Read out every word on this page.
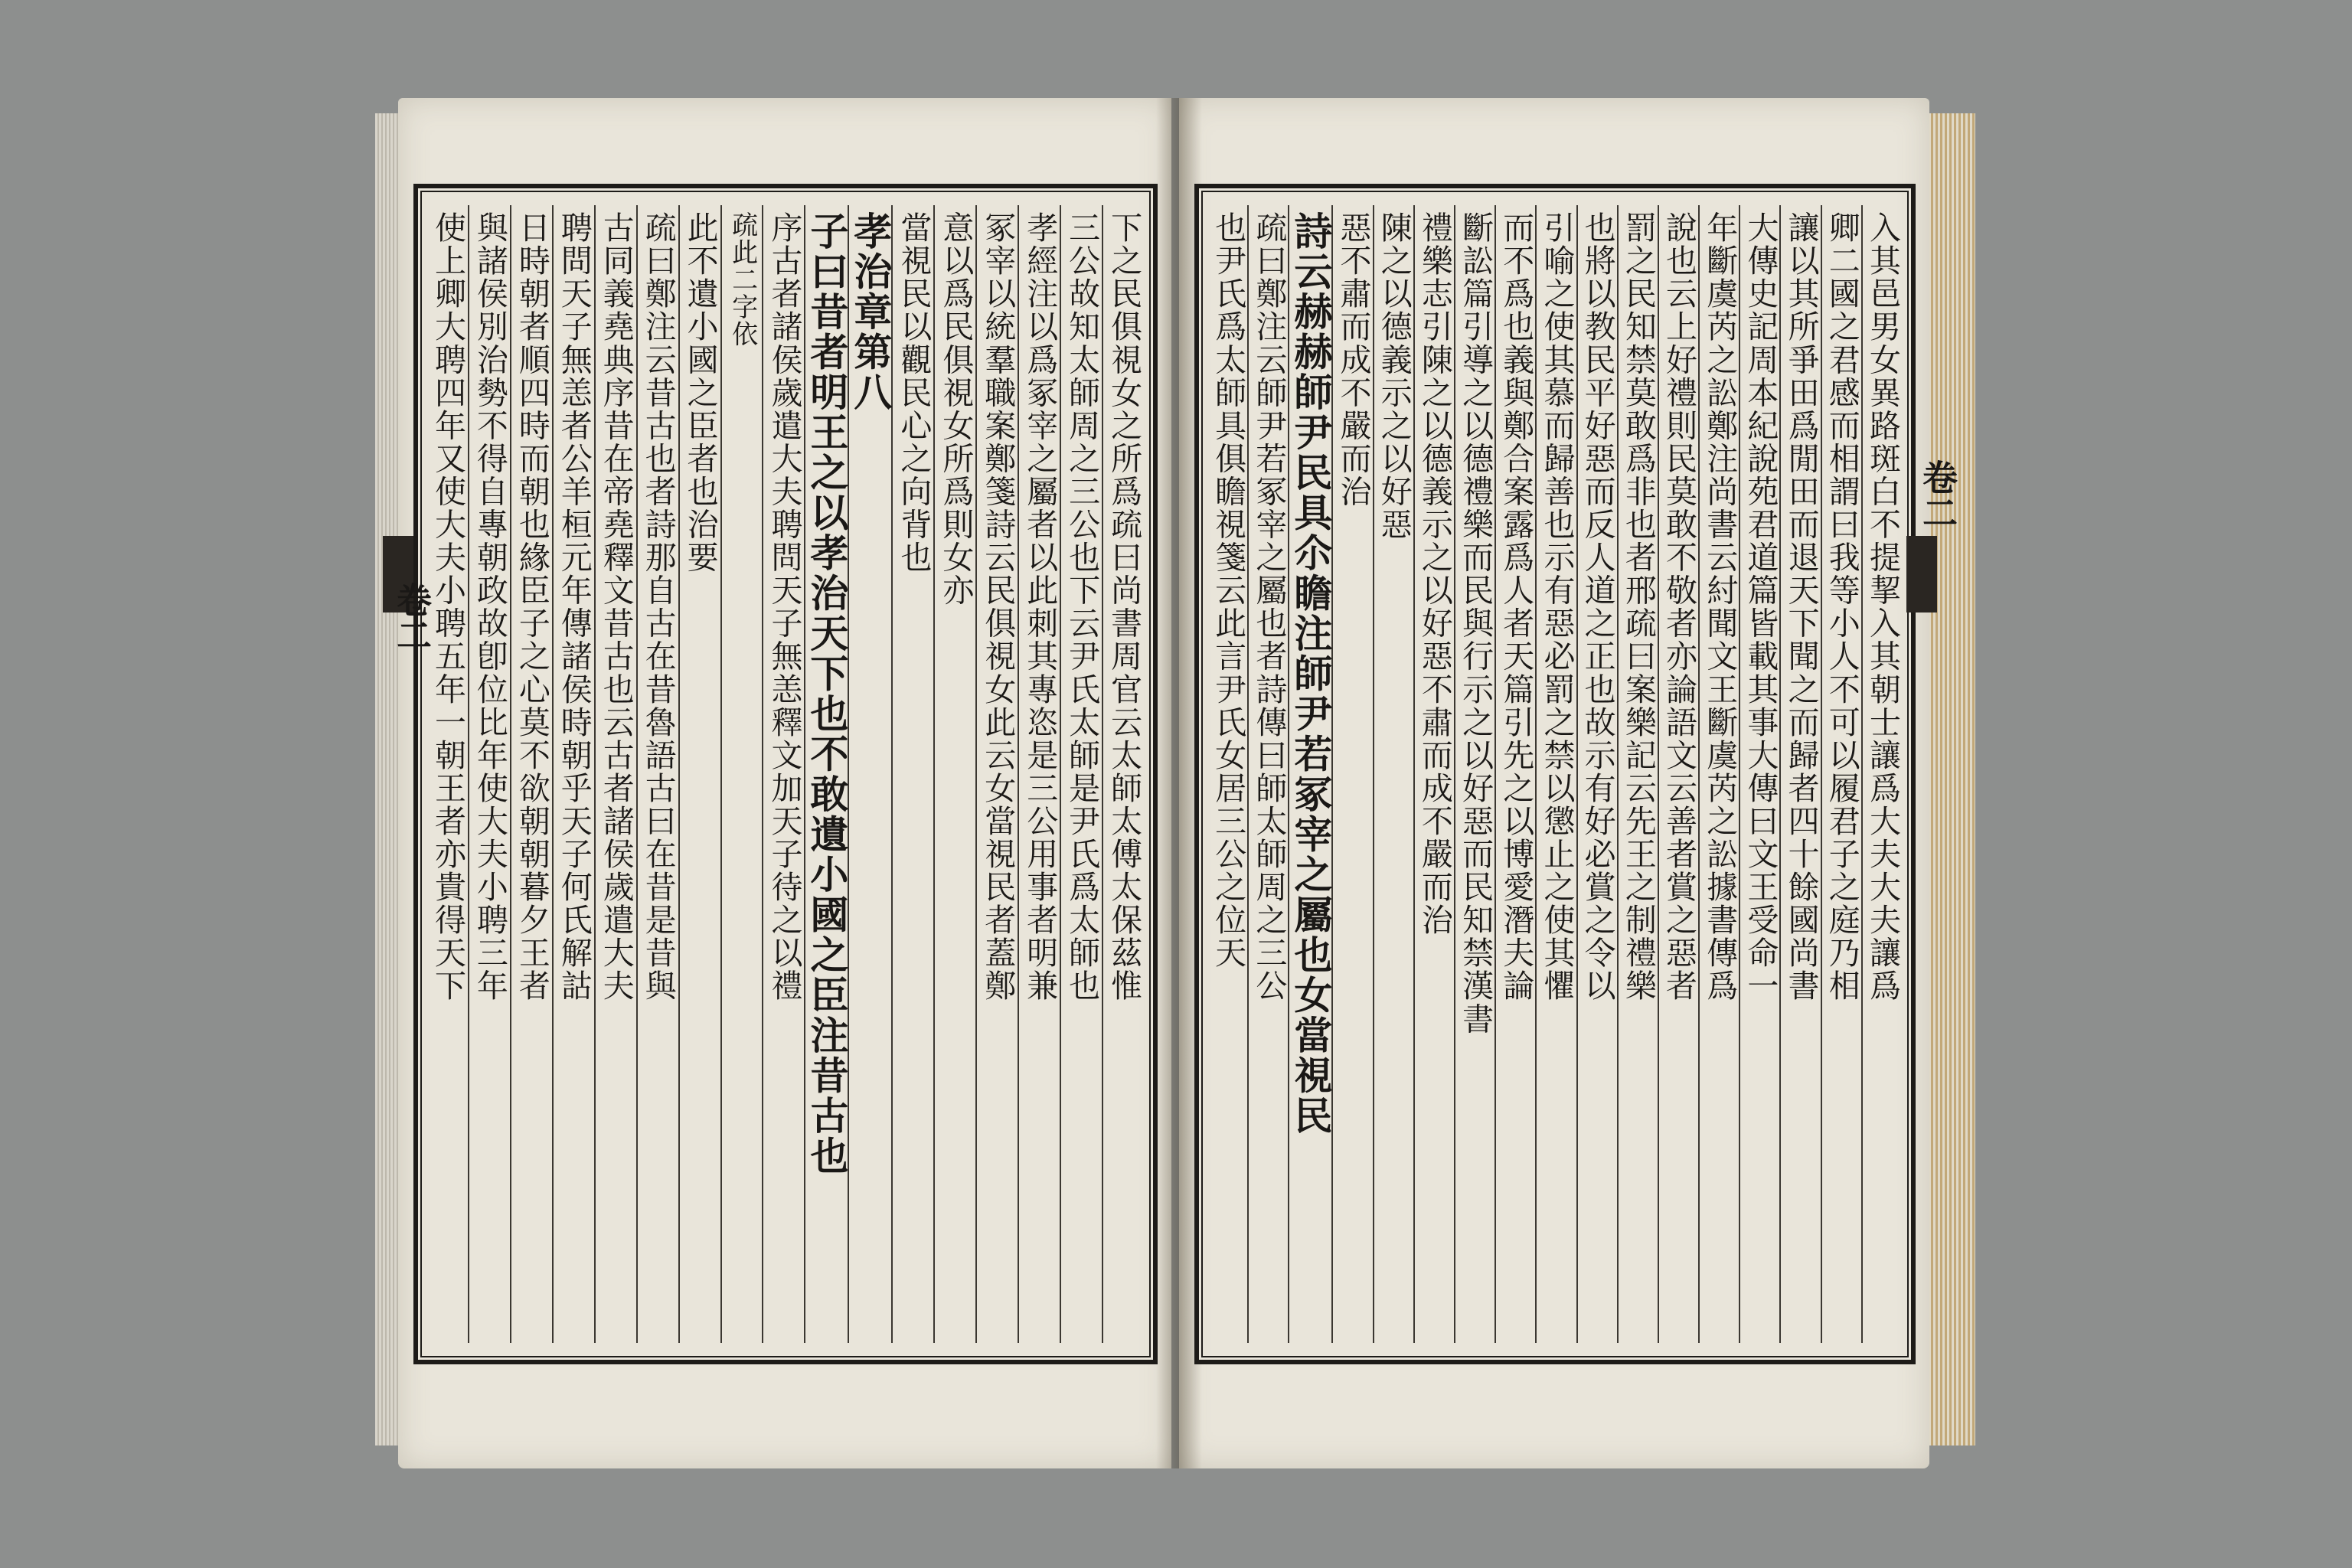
下之民俱視女之所爲疏曰尚書周官云太師太傅太保茲惟
三公故知太師周之三公也下云尹氏太師是尹氏爲太師也
孝經注以爲冢宰之屬者以此刺其專恣是三公用事者明兼
冢宰以統羣職案鄭箋詩云民俱視女此云女當視民者蓋鄭
意以爲民俱視女所爲則女亦
當視民以觀民心之向背也
孝治章第八
子曰昔者明王之以孝治天下也不敢遺小國之臣注昔古也
序古者諸侯歲遣大夫聘問天子無恙釋文加天子待之以禮
疏此二字依
此不遺小國之臣者也治要
疏曰鄭注云昔古也者詩那自古在昔魯語古曰在昔是昔與
古同義堯典序昔在帝堯釋文昔古也云古者諸侯歲遣大夫
聘問天子無恙者公羊桓元年傳諸侯時朝乎天子何氏解詁
日時朝者順四時而朝也緣臣子之心莫不欲朝朝暮夕王者
與諸侯別治勢不得自專朝政故卽位比年使大夫小聘三年
使上卿大聘四年又使大夫小聘五年一朝王者亦貴得天下	入其邑男女異路斑白不提挈入其朝士讓爲大夫大夫讓爲
卿二國之君感而相謂曰我等小人不可以履君子之庭乃相
讓以其所爭田爲閒田而退天下聞之而歸者四十餘國尚書
大傳史記周本紀說苑君道篇皆載其事大傳曰文王受命一
年斷虞芮之訟鄭注尚書云紂聞文王斷虞芮之訟據書傳爲
說也云上好禮則民莫敢不敬者亦論語文云善者賞之惡者
罰之民知禁莫敢爲非也者邢疏曰案樂記云先王之制禮樂
也將以教民平好惡而反人道之正也故示有好必賞之令以
引喻之使其慕而歸善也示有惡必罰之禁以懲止之使其懼
而不爲也義與鄭合案露爲人者天篇引先之以博愛潛夫論
斷訟篇引導之以德禮樂而民與行示之以好惡而民知禁漢書
禮樂志引陳之以德義示之以好惡不肅而成不嚴而治
陳之以德義示之以好惡
惡不肅而成不嚴而治
詩云赫赫師尹民具尒瞻注師尹若冢宰之屬也女當視民
疏曰鄭注云師尹若冢宰之屬也者詩傳曰師太師周之三公
也尹氏爲太師具俱瞻視箋云此言尹氏女居三公之位天
卷二
卷二
